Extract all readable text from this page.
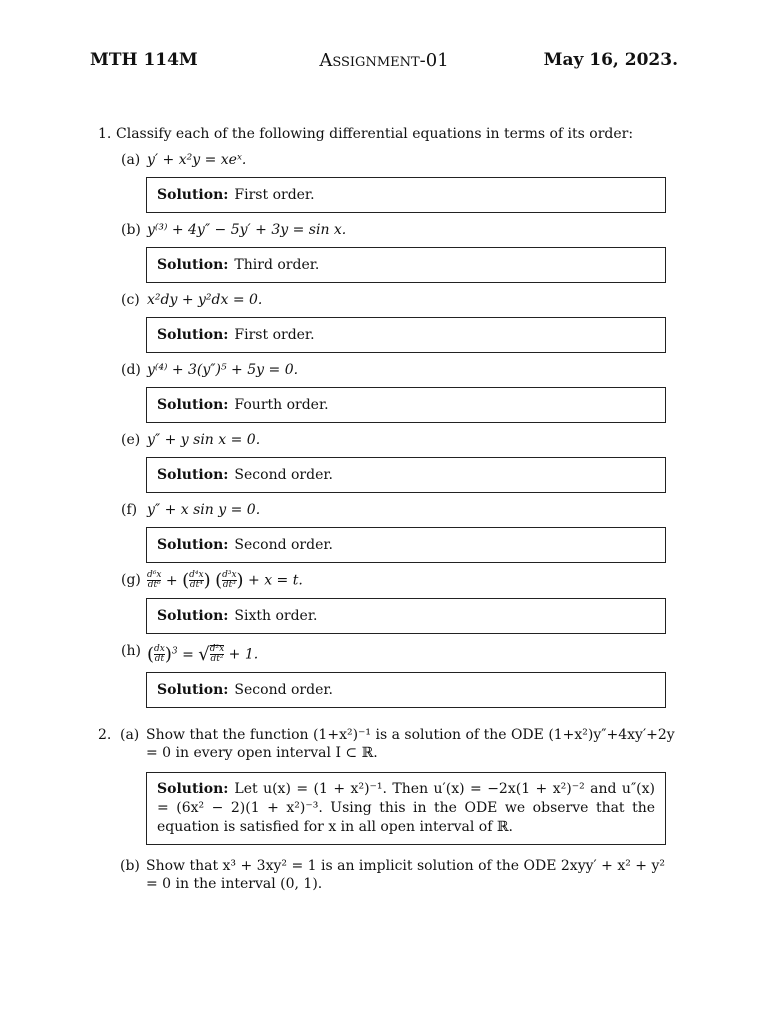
MTH 114M	Assignment-01	May 16, 2023.
1. Classify each of the following differential equations in terms of its order:
(a) y′ + x²y = xeˣ.
Solution: First order.
(b) y⁽³⁾ + 4y″ − 5y′ + 3y = sin x.
Solution: Third order.
(c) x²dy + y²dx = 0.
Solution: First order.
(d) y⁽⁴⁾ + 3(y″)⁵ + 5y = 0.
Solution: Fourth order.
(e) y″ + y sin x = 0.
Solution: Second order.
(f) y″ + x sin y = 0.
Solution: Second order.
$(g) \frac{\text{d⁶x}}{\text{dt⁶}}$ + ( $\frac{\text{d⁴x}}{\text{dt⁴}}$ ) ( $\frac{\text{d³x}}{\text{dt³}}$ ) + x = t.
Solution: Sixth order.
(h) ( $\frac{dx}{dt} )^3$ = √ $\frac{\text{d²x}}{\text{dt²}} + 1$.
Solution: Second order.
2. (a) Show that the function (1+x²)⁻¹ is a solution of the ODE (1+x²)y″+4xy′+2y = 0 in every open interval I ⊂ ℝ.
Solution: Let u(x) = (1 + x²)⁻¹. Then u′(x) = −2x(1 + x²)⁻² and u″(x) = (6x² − 2)(1 + x²)⁻³. Using this in the ODE we observe that the equation is satisfied for x in all open interval of ℝ.
(b) Show that x³ + 3xy² = 1 is an implicit solution of the ODE 2xyy′ + x² + y² = 0 in the interval (0, 1).
